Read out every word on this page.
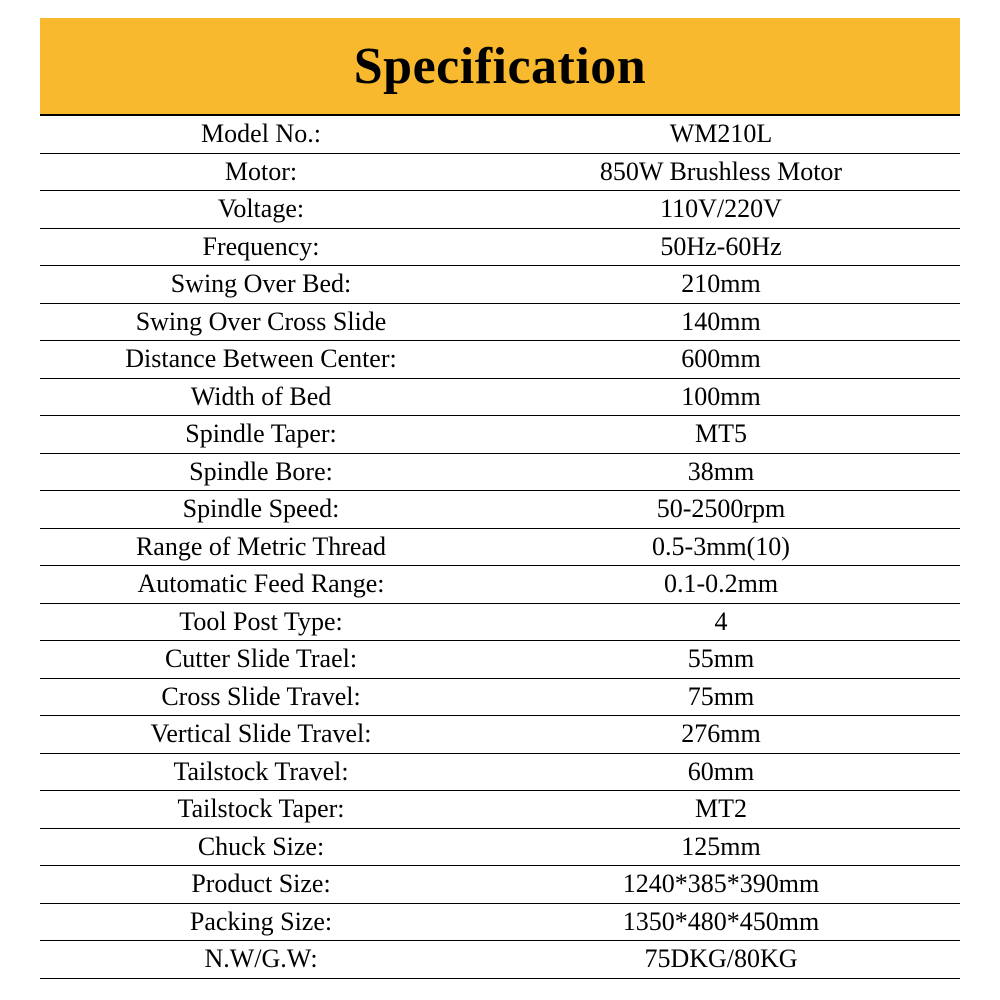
Specification
Model No.:	WM210L
Motor:	850W Brushless Motor
Voltage:	110V/220V
Frequency:	50Hz-60Hz
Swing Over Bed:	210mm
Swing Over Cross Slide	140mm
Distance Between Center:	600mm
Width of Bed	100mm
Spindle Taper:	MT5
Spindle Bore:	38mm
Spindle Speed:	50-2500rpm
Range of Metric Thread	0.5-3mm(10)
Automatic Feed Range:	0.1-0.2mm
Tool Post Type:	4
Cutter Slide Trael:	55mm
Cross Slide Travel:	75mm
Vertical Slide Travel:	276mm
Tailstock Travel:	60mm
Tailstock Taper:	MT2
Chuck Size:	125mm
Product Size:	1240*385*390mm
Packing Size:	1350*480*450mm
N.W/G.W:	75DKG/80KG
